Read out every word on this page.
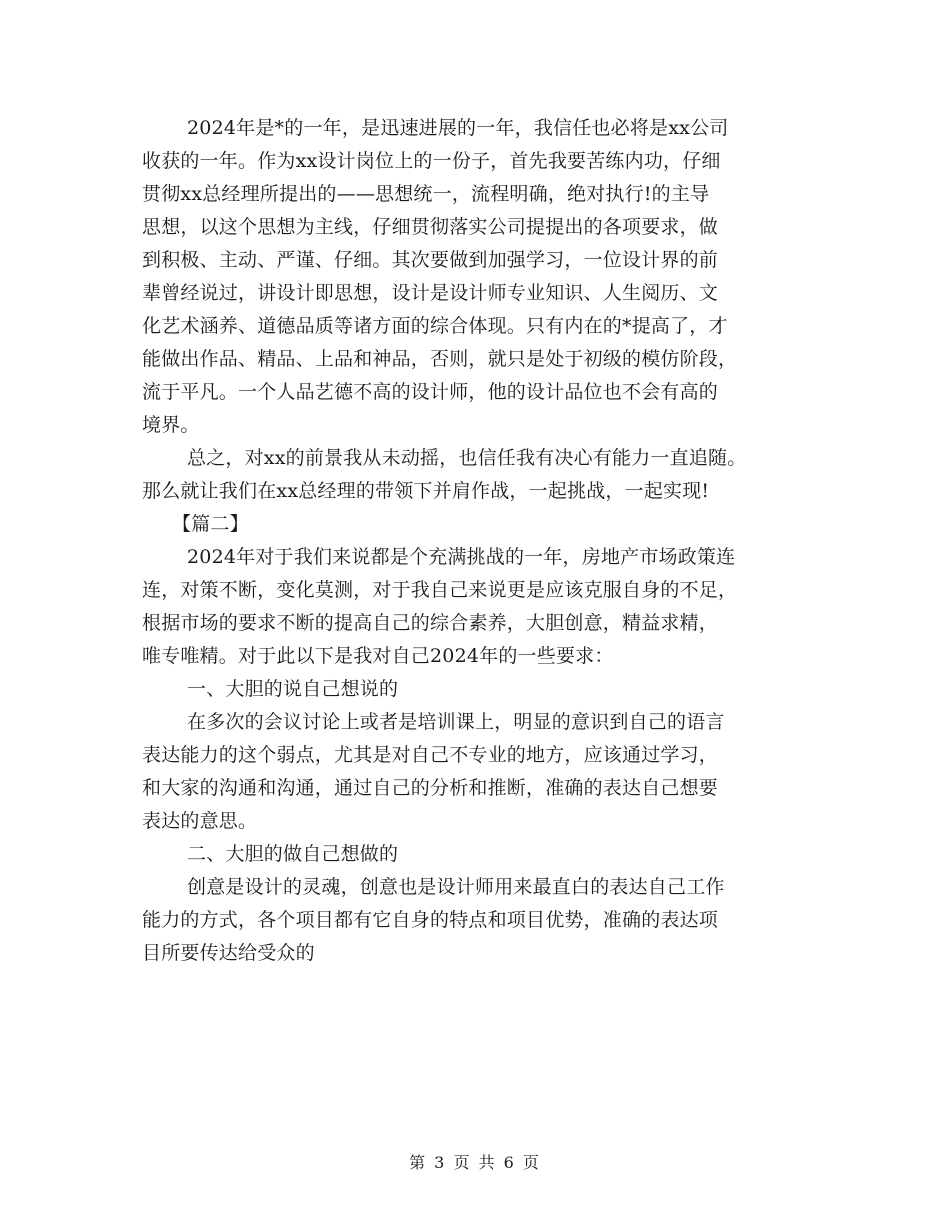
2024年是*的一年，是迅速进展的一年，我信任也必将是xx公司
收获的一年。作为xx设计岗位上的一份子，首先我要苦练内功，仔细
贯彻xx总经理所提出的——思想统一，流程明确，绝对执行!的主导
思想，以这个思想为主线，仔细贯彻落实公司提提出的各项要求，做
到积极、主动、严谨、仔细。其次要做到加强学习，一位设计界的前
辈曾经说过，讲设计即思想，设计是设计师专业知识、人生阅历、文
化艺术涵养、道德品质等诸方面的综合体现。只有内在的*提高了，才
能做出作品、精品、上品和神品，否则，就只是处于初级的模仿阶段，
流于平凡。一个人品艺德不高的设计师，他的设计品位也不会有高的
境界。
总之，对xx的前景我从未动摇，也信任我有决心有能力一直追随。
那么就让我们在xx总经理的带领下并肩作战，一起挑战，一起实现!
【篇二】
2024年对于我们来说都是个充满挑战的一年，房地产市场政策连
连，对策不断，变化莫测，对于我自己来说更是应该克服自身的不足，
根据市场的要求不断的提高自己的综合素养，大胆创意，精益求精，
唯专唯精。对于此以下是我对自己2024年的一些要求：
一、大胆的说自己想说的
在多次的会议讨论上或者是培训课上，明显的意识到自己的语言
表达能力的这个弱点，尤其是对自己不专业的地方，应该通过学习，
和大家的沟通和沟通，通过自己的分析和推断，准确的表达自己想要
表达的意思。
二、大胆的做自己想做的
创意是设计的灵魂，创意也是设计师用来最直白的表达自己工作
能力的方式，各个项目都有它自身的特点和项目优势，准确的表达项
目所要传达给受众的
第 3 页 共 6 页
